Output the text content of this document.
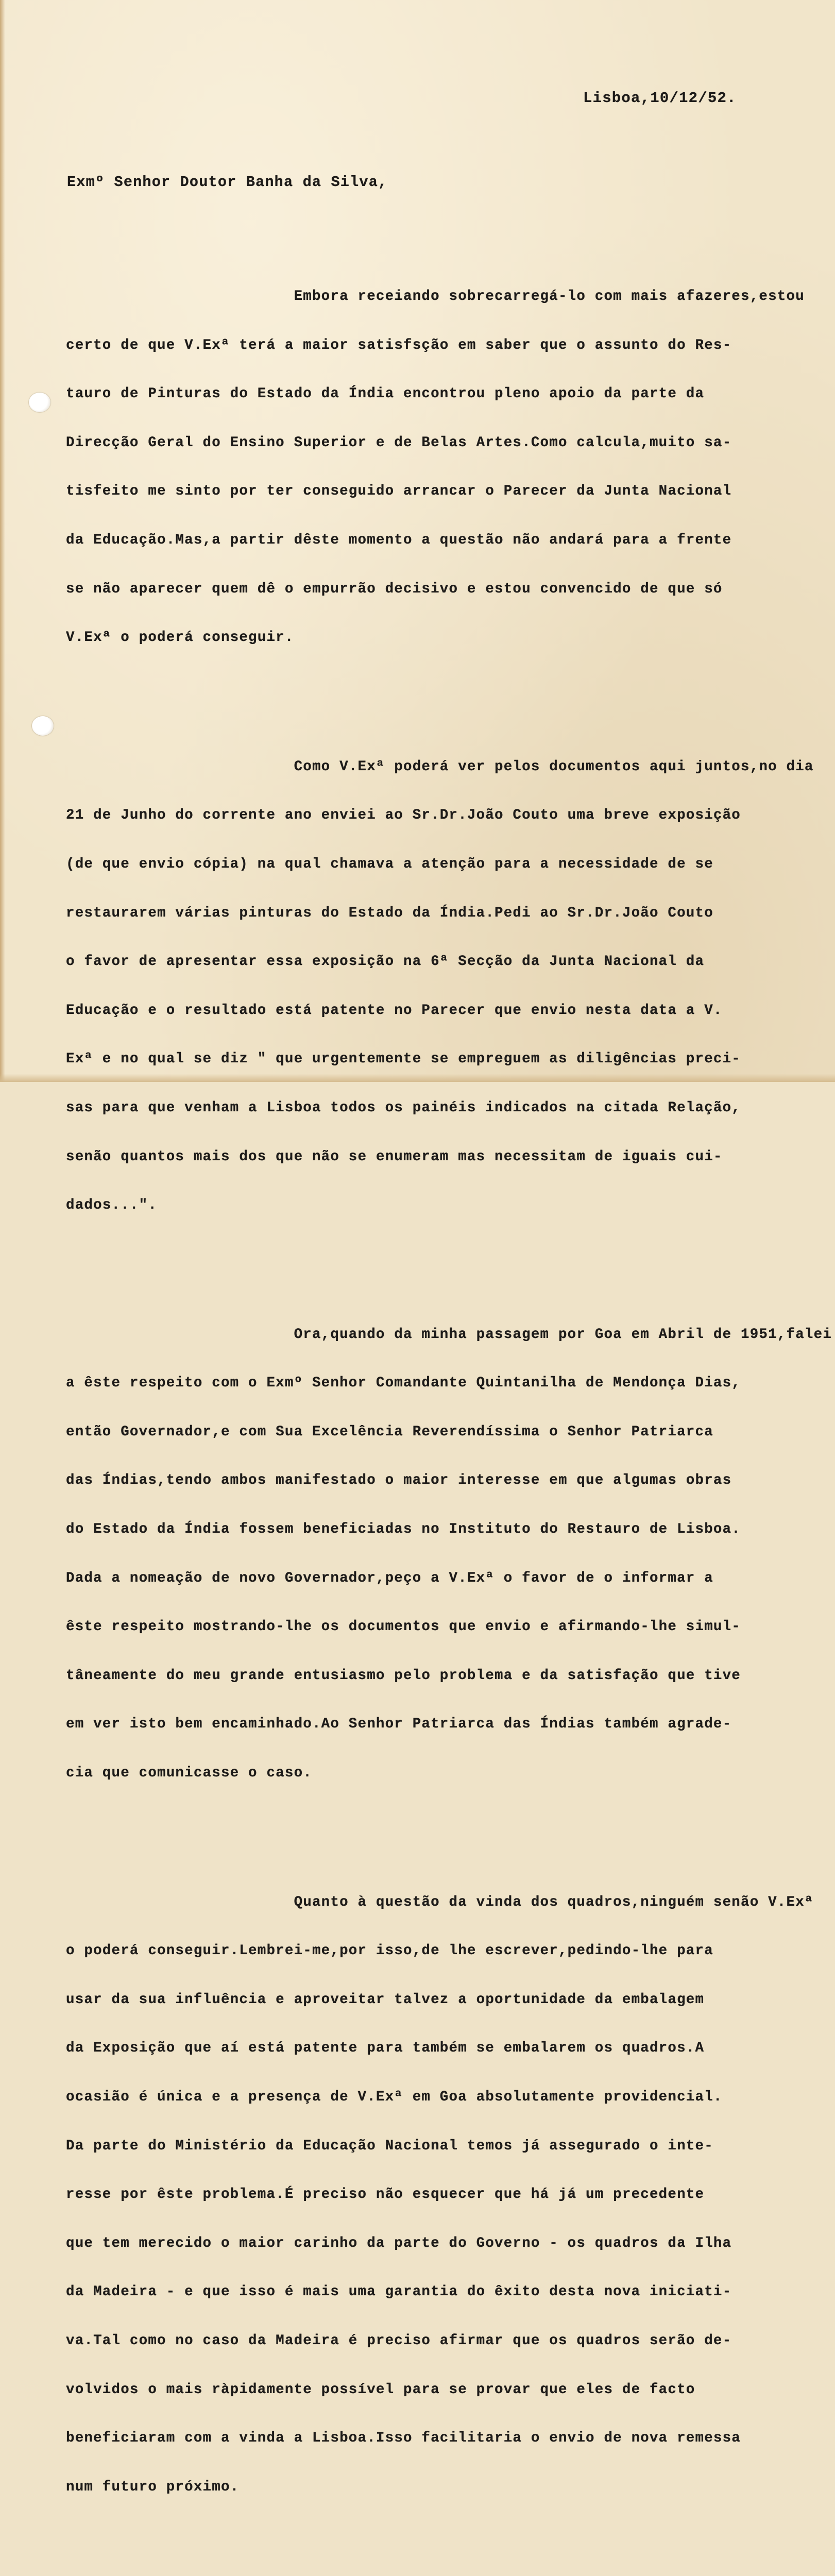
Lisboa,10/12/52.
Exmº Senhor Doutor Banha da Silva,

Embora receiando sobrecarregá-lo com mais afazeres,estou

certo de que V.Exª terá a maior satisfsção em saber que o assunto do Res-

tauro de Pinturas do Estado da Índia encontrou pleno apoio da parte da

Direcção Geral do Ensino Superior e de Belas Artes.Como calcula,muito sa-

tisfeito me sinto por ter conseguido arrancar o Parecer da Junta Nacional

da Educação.Mas,a partir dêste momento a questão não andará para a frente

se não aparecer quem dê o empurrão decisivo e estou convencido de que só

V.Exª o poderá conseguir.

Como V.Exª poderá ver pelos documentos aqui juntos,no dia

21 de Junho do corrente ano enviei ao Sr.Dr.João Couto uma breve exposição

(de que envio cópia) na qual chamava a atenção para a necessidade de se

restaurarem várias pinturas do Estado da Índia.Pedi ao Sr.Dr.João Couto

o favor de apresentar essa exposição na 6ª Secção da Junta Nacional da

Educação e o resultado está patente no Parecer que envio nesta data a V.

Exª e no qual se diz " que urgentemente se empreguem as diligências preci-

sas para que venham a Lisboa todos os painéis indicados na citada Relação,

senão quantos mais dos que não se enumeram mas necessitam de iguais cui-

dados...".

Ora,quando da minha passagem por Goa em Abril de 1951,falei

a êste respeito com o Exmº Senhor Comandante Quintanilha de Mendonça Dias,

então Governador,e com Sua Excelência Reverendíssima o Senhor Patriarca

das Índias,tendo ambos manifestado o maior interesse em que algumas obras

do Estado da Índia fossem beneficiadas no Instituto do Restauro de Lisboa.

Dada a nomeação de novo Governador,peço a V.Exª o favor de o informar a

êste respeito mostrando-lhe os documentos que envio e afirmando-lhe simul-

tâneamente do meu grande entusiasmo pelo problema e da satisfação que tive

em ver isto bem encaminhado.Ao Senhor Patriarca das Índias também agrade-

cia que comunicasse o caso.

Quanto à questão da vinda dos quadros,ninguém senão V.Exª

o poderá conseguir.Lembrei-me,por isso,de lhe escrever,pedindo-lhe para

usar da sua influência e aproveitar talvez a oportunidade da embalagem

da Exposição que aí está patente para também se embalarem os quadros.A

ocasião é única e a presença de V.Exª em Goa absolutamente providencial.

Da parte do Ministério da Educação Nacional temos já assegurado o inte-

resse por êste problema.É preciso não esquecer que há já um precedente

que tem merecido o maior carinho da parte do Governo - os quadros da Ilha

da Madeira - e que isso é mais uma garantia do êxito desta nova iniciati-

va.Tal como no caso da Madeira é preciso afirmar que os quadros serão de-

volvidos o mais ràpidamente possível para se provar que eles de facto

beneficiaram com a vinda a Lisboa.Isso facilitaria o envio de nova remessa

num futuro próximo.
